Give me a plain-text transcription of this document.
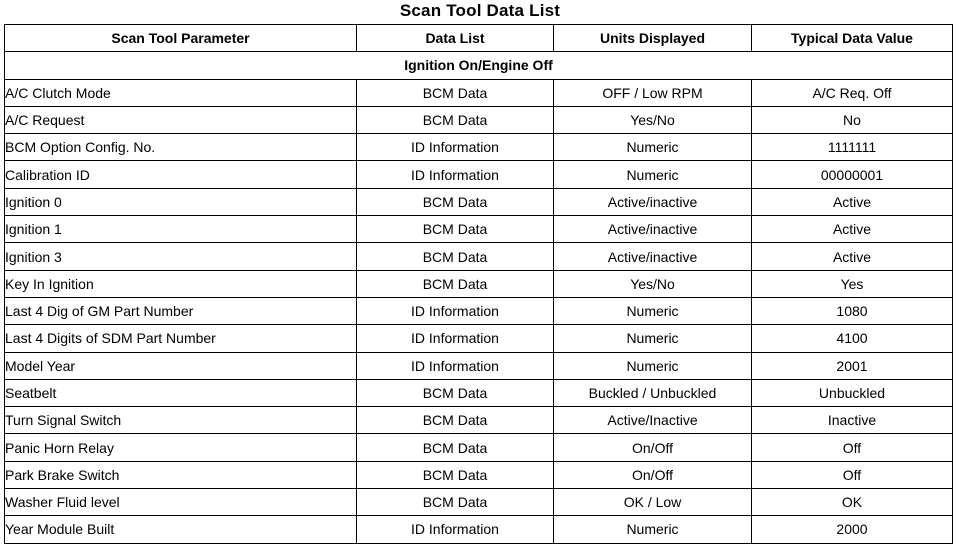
Scan Tool Data List
Scan Tool Parameter	Data List	Units Displayed	Typical Data Value
Ignition On/Engine Off			
A/C Clutch Mode	BCM Data	OFF / Low RPM	A/C Req. Off
A/C Request	BCM Data	Yes/No	No
BCM Option Config. No.	ID Information	Numeric	1111111
Calibration ID	ID Information	Numeric	00000001
Ignition 0	BCM Data	Active/inactive	Active
Ignition 1	BCM Data	Active/inactive	Active
Ignition 3	BCM Data	Active/inactive	Active
Key In Ignition	BCM Data	Yes/No	Yes
Last 4 Dig of GM Part Number	ID Information	Numeric	1080
Last 4 Digits of SDM Part Number	ID Information	Numeric	4100
Model Year	ID Information	Numeric	2001
Seatbelt	BCM Data	Buckled / Unbuckled	Unbuckled
Turn Signal Switch	BCM Data	Active/Inactive	Inactive
Panic Horn Relay	BCM Data	On/Off	Off
Park Brake Switch	BCM Data	On/Off	Off
Washer Fluid level	BCM Data	OK / Low	OK
Year Module Built	ID Information	Numeric	2000
